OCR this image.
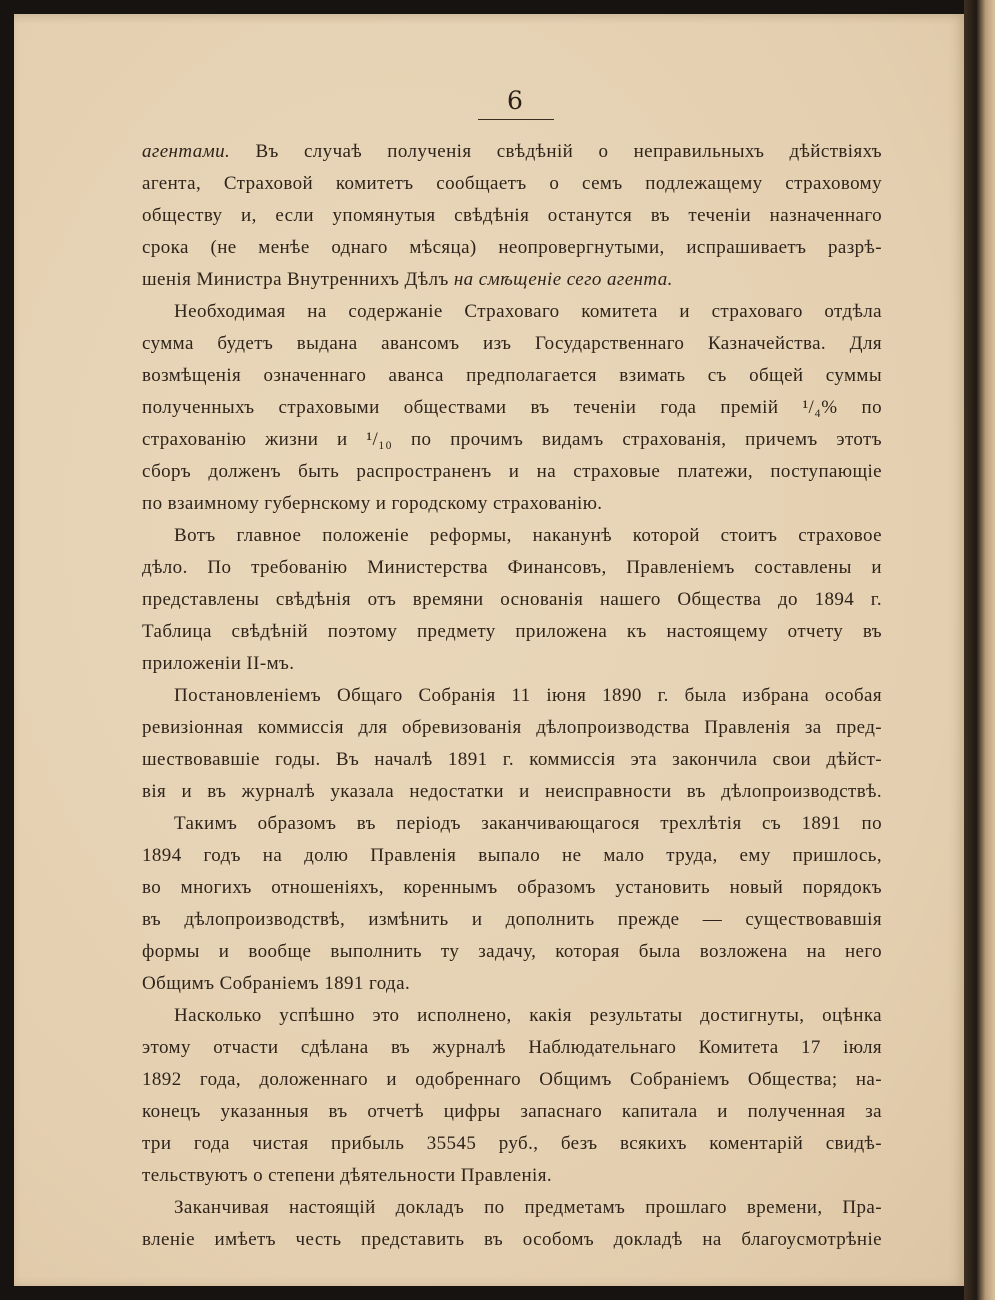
6
агентами. Въ случаѣ полученія свѣдѣній о неправильныхъ дѣйствіяхъ
агента, Страховой комитетъ сообщаетъ о семъ подлежащему страховому
обществу и, если упомянутыя свѣдѣнія останутся въ теченіи назначеннаго
срока (не менѣе однаго мѣсяца) неопровергнутыми, испрашиваетъ разрѣ-
шенія Министра Внутреннихъ Дѣлъ на смѣщеніе сего агента.
Необходимая на содержаніе Страховаго комитета и страховаго отдѣла
сумма будетъ выдана авансомъ изъ Государственнаго Казначейства. Для
возмѣщенія означеннаго аванса предполагается взимать съ общей суммы
полученныхъ страховыми обществами въ теченіи года премій ¹/₄% по
страхованію жизни и ¹/₁₀ по прочимъ видамъ страхованія, причемъ этотъ
сборъ долженъ быть распространенъ и на страховые платежи, поступающіе
по взаимному губернскому и городскому страхованію.
Вотъ главное положеніе реформы, наканунѣ которой стоитъ страховое
дѣло. По требованію Министерства Финансовъ, Правленіемъ составлены и
представлены свѣдѣнія отъ времяни основанія нашего Общества до 1894 г.
Таблица свѣдѣній поэтому предмету приложена къ настоящему отчету въ
приложеніи II-мъ.
Постановленіемъ Общаго Собранія 11 іюня 1890 г. была избрана особая
ревизіонная коммиссія для обревизованія дѣлопроизводства Правленія за пред-
шествовавшіе годы. Въ началѣ 1891 г. коммиссія эта закончила свои дѣйст-
вія и въ журналѣ указала недостатки и неисправности въ дѣлопроизводствѣ.
Такимъ образомъ въ періодъ заканчивающагося трехлѣтія съ 1891 по
1894 годъ на долю Правленія выпало не мало труда, ему пришлось,
во многихъ отношеніяхъ, кореннымъ образомъ установить новый порядокъ
въ дѣлопроизводствѣ, измѣнить и дополнить прежде — существовавшія
формы и вообще выполнить ту задачу, которая была возложена на него
Общимъ Собраніемъ 1891 года.
Насколько успѣшно это исполнено, какія результаты достигнуты, оцѣнка
этому отчасти сдѣлана въ журналѣ Наблюдательнаго Комитета 17 іюля
1892 года, доложеннаго и одобреннаго Общимъ Собраніемъ Общества; на-
конецъ указанныя въ отчетѣ цифры запаснаго капитала и полученная за
три года чистая прибыль 35545 руб., безъ всякихъ коментарій свидѣ-
тельствуютъ о степени дѣятельности Правленія.
Заканчивая настоящій докладъ по предметамъ прошлаго времени, Пра-
вленіе имѣетъ честь представить въ особомъ докладѣ на благоусмотрѣніе
